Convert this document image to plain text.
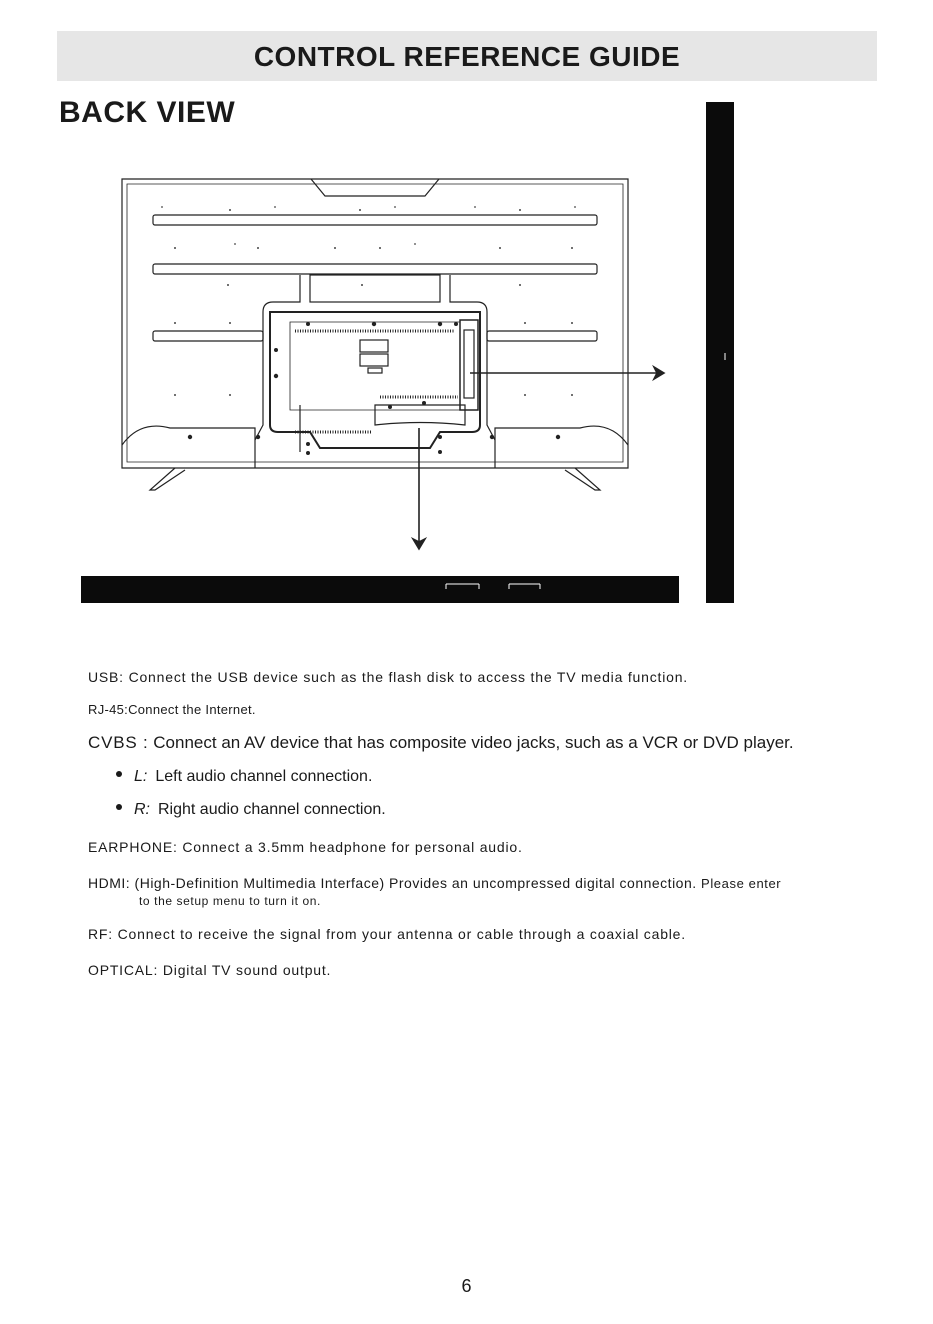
CONTROL REFERENCE GUIDE
BACK VIEW
USB: Connect the USB device such as the flash disk to access the TV media function.
RJ-45:Connect the Internet.
CVBS : Connect an AV device that has composite video jacks, such as a VCR or DVD player.
L: Left audio channel connection.
R: Right audio channel connection.
EARPHONE: Connect a 3.5mm headphone for personal audio.
HDMI: (High-Definition Multimedia Interface) Provides an uncompressed digital connection. Please enter
to the setup menu to turn it on.
RF: Connect to receive the signal from your antenna or cable through a coaxial cable.
OPTICAL: Digital TV sound output.
6
